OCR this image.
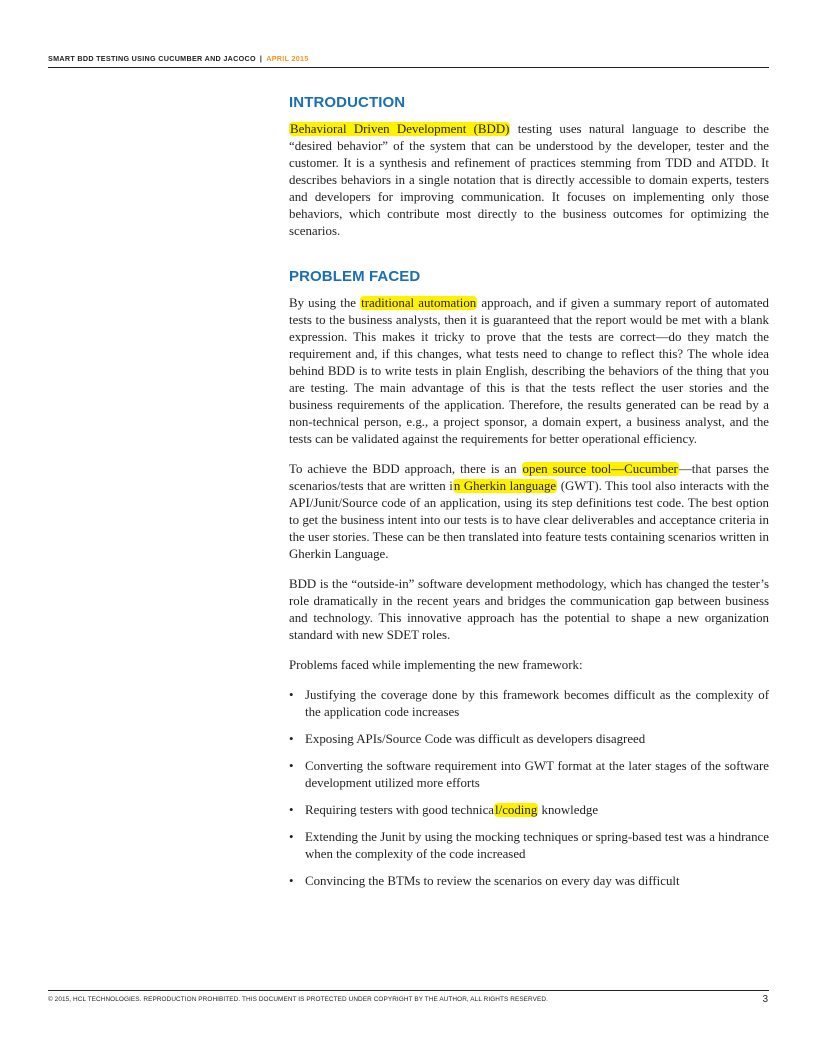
SMART BDD TESTING USING CUCUMBER AND JACOCO | APRIL 2015
INTRODUCTION

Behavioral Driven Development (BDD) testing uses natural language to describe the “desired behavior” of the system that can be understood by the developer, tester and the customer. It is a synthesis and refinement of practices stemming from TDD and ATDD. It describes behaviors in a single notation that is directly accessible to domain experts, testers and developers for improving communication. It focuses on implementing only those behaviors, which contribute most directly to the business outcomes for optimizing the scenarios.

PROBLEM FACED

By using the traditional automation approach, and if given a summary report of automated tests to the business analysts, then it is guaranteed that the report would be met with a blank expression. This makes it tricky to prove that the tests are correct—do they match the requirement and, if this changes, what tests need to change to reflect this? The whole idea behind BDD is to write tests in plain English, describing the behaviors of the thing that you are testing. The main advantage of this is that the tests reflect the user stories and the business requirements of the application. Therefore, the results generated can be read by a non-technical person, e.g., a project sponsor, a domain expert, a business analyst, and the tests can be validated against the requirements for better operational efficiency.

To achieve the BDD approach, there is an open source tool—Cucumber—that parses the scenarios/tests that are written in Gherkin language (GWT). This tool also interacts with the API/Junit/Source code of an application, using its step definitions test code. The best option to get the business intent into our tests is to have clear deliverables and acceptance criteria in the user stories. These can be then translated into feature tests containing scenarios written in Gherkin Language.

BDD is the “outside-in” software development methodology, which has changed the tester’s role dramatically in the recent years and bridges the communication gap between business and technology. This innovative approach has the potential to shape a new organization standard with new SDET roles.

Problems faced while implementing the new framework:

• Justifying the coverage done by this framework becomes difficult as the complexity of the application code increases
• Exposing APIs/Source Code was difficult as developers disagreed
• Converting the software requirement into GWT format at the later stages of the software development utilized more efforts
• Requiring testers with good technical/coding knowledge
• Extending the Junit by using the mocking techniques or spring-based test was a hindrance when the complexity of the code increased
• Convincing the BTMs to review the scenarios on every day was difficult
© 2015, HCL TECHNOLOGIES. REPRODUCTION PROHIBITED. THIS DOCUMENT IS PROTECTED UNDER COPYRIGHT BY THE AUTHOR, ALL RIGHTS RESERVED.	3
